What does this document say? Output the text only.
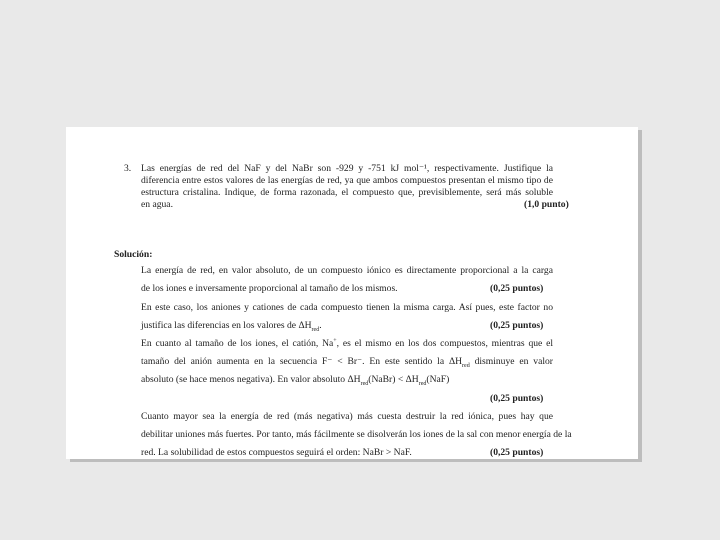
3. Las energías de red del NaF y del NaBr son -929 y -751 kJ mol⁻¹, respectivamente. Justifique la
diferencia entre estos valores de las energías de red, ya que ambos compuestos presentan el mismo tipo de
estructura cristalina. Indique, de forma razonada, el compuesto que, previsiblemente, será más soluble
en agua.	(1,0 punto)
Solución:
La energía de red, en valor absoluto, de un compuesto iónico es directamente proporcional a la carga
de los iones e inversamente proporcional al tamaño de los mismos.	(0,25 puntos)
En este caso, los aniones y cationes de cada compuesto tienen la misma carga. Así pues, este factor no
justifica las diferencias en los valores de $\Delta H_{red}$.	(0,25 puntos)
En cuanto al tamaño de los iones, el catión, Na+, es el mismo en los dos compuestos, mientras que el
tamaño del anión aumenta en la secuencia F⁻ < Br⁻. En este sentido la $\Delta H_{red}$ disminuye en valor
absoluto (se hace menos negativa). En valor absoluto $\Delta H_{red}(NaBr) < \Delta H_{red}(NaF)$
(0,25 puntos)
Cuanto mayor sea la energía de red (más negativa) más cuesta destruir la red iónica, pues hay que
debilitar uniones más fuertes. Por tanto, más fácilmente se disolverán los iones de la sal con menor energía de la
red. La solubilidad de estos compuestos seguirá el orden: NaBr > NaF.	(0,25 puntos)
